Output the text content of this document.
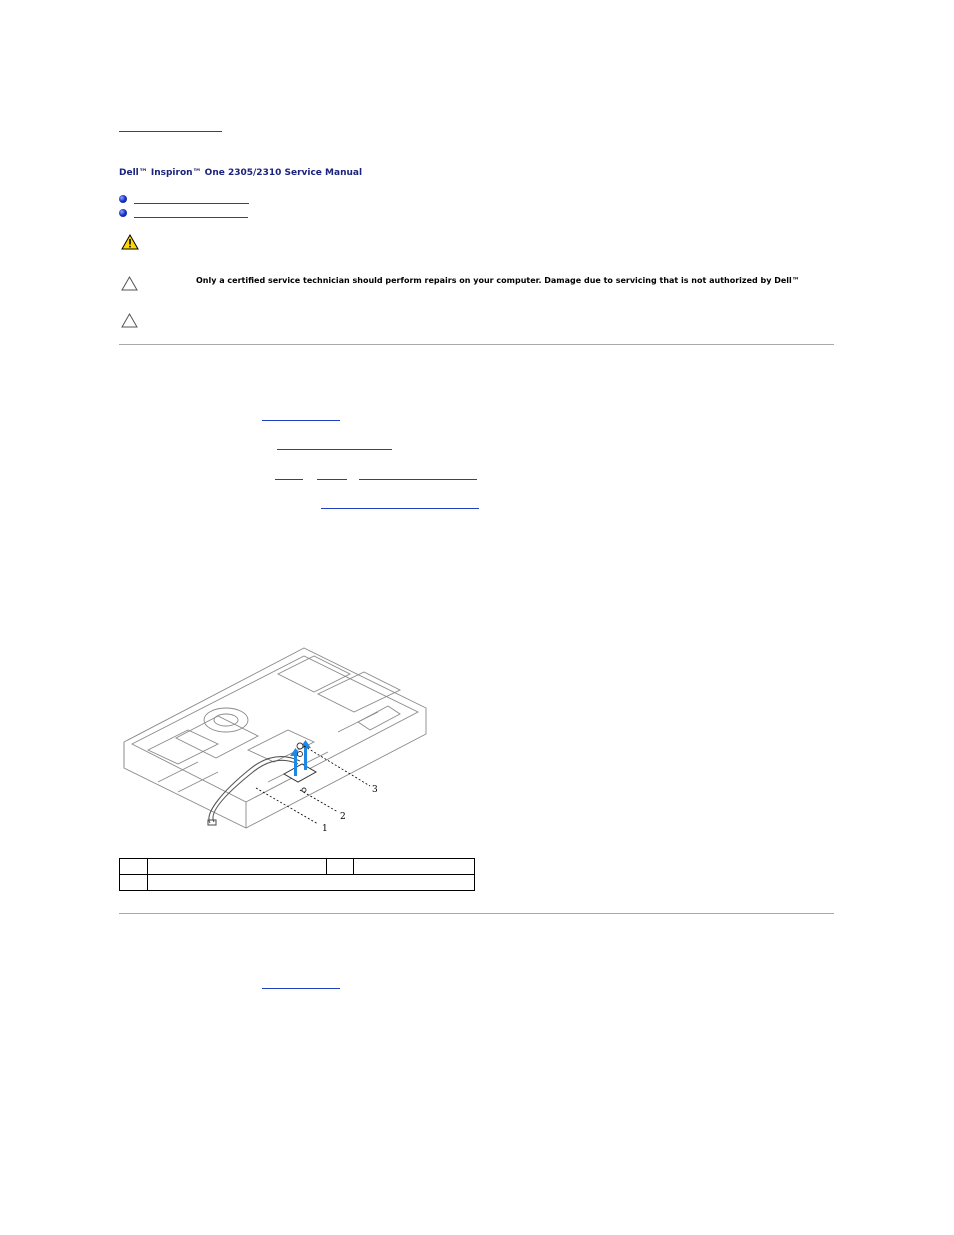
Dell™ Inspiron™ One 2305/2310 Service Manual
Only a certified service technician should perform repairs on your computer. Damage due to servicing that is not authorized by Dell™
3
2
1
